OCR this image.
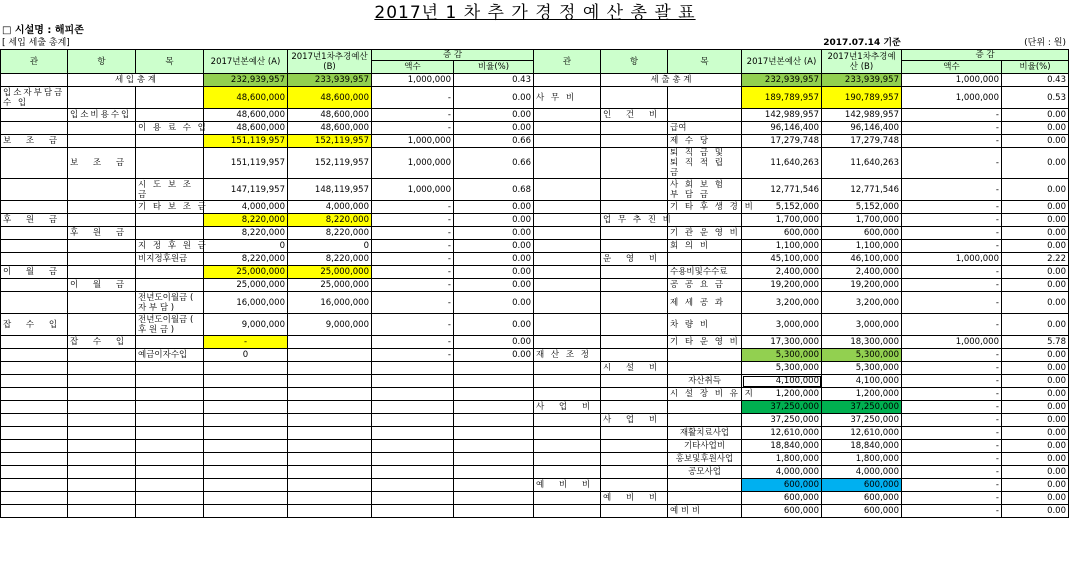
2017년 1 차 추 가 경 정 예 산 총 괄 표
□ 시설명 : 해피존
[ 세입 세출 총계]	2017.07.14 기준	(단위 : 원)
관	항	목	2017년본예산 (A)	2017년1차추경예산 (B)	증 감		관	항	목	2017년본예산 (A)	2017년1차추경예 산 (B)	증 감	
					액수	비율(%)						액수	비율(%)
	세 입 총 계		232,939,957	233,939,957	1,000,000	0.43		세 출 총 계		232,939,957	233,939,957	1,000,000	0.43
입소자부담금수 입			48,600,000	48,600,000	-	0.00	사 무 비			189,789,957	190,789,957	1,000,000	0.53
	입소비용수입		48,600,000	48,600,000	-	0.00		인 건 비		142,989,957	142,989,957	-	0.00
		이 용 료 수 입	48,600,000	48,600,000	-	0.00			급여	96,146,400	96,146,400	-	0.00
보 조 금			151,119,957	152,119,957	1,000,000	0.66			제 수 당	17,279,748	17,279,748	-	0.00
	보 조 금		151,119,957	152,119,957	1,000,000	0.66			퇴 직 금 및 퇴 직 적 립 금	11,640,263	11,640,263	-	0.00
		시 도 보 조 금	147,119,957	148,119,957	1,000,000	0.68			사 회 보 험 부 담 금	12,771,546	12,771,546	-	0.00
		기 타 보 조 금	4,000,000	4,000,000	-	0.00			기 타 후 생 경 비	5,152,000	5,152,000	-	0.00
후 원 금			8,220,000	8,220,000	-	0.00		업 무 추 진 비		1,700,000	1,700,000	-	0.00
	후 원 금		8,220,000	8,220,000	-	0.00			기 관 운 영 비	600,000	600,000	-	0.00
		지 정 후 원 금	0	0	-	0.00			회 의 비	1,100,000	1,100,000	-	0.00
		비지정후원금	8,220,000	8,220,000	-	0.00		운 영 비		45,100,000	46,100,000	1,000,000	2.22
이 월 금			25,000,000	25,000,000	-	0.00			수용비및수수료	2,400,000	2,400,000	-	0.00
	이 월 금		25,000,000	25,000,000	-	0.00			공 공 요 금	19,200,000	19,200,000	-	0.00
		전년도이월금 ( 자 부 담 )	16,000,000	16,000,000	-	0.00			제 세 공 과	3,200,000	3,200,000	-	0.00
잡 수 입		전년도이월금 ( 후 원 금 )	9,000,000	9,000,000	-	0.00			차 량 비	3,000,000	3,000,000	-	0.00
	잡 수 입		-		-	0.00			기 타 운 영 비	17,300,000	18,300,000	1,000,000	5.78
		예금이자수입	0		-	0.00	재 산 조 정			5,300,000	5,300,000	-	0.00
								시 설 비		5,300,000	5,300,000	-	0.00
									자산취득	4,100,000	4,100,000	-	0.00
									시 설 장 비 유 지	1,200,000	1,200,000	-	0.00
							사 업 비			37,250,000	37,250,000	-	0.00
								사 업 비		37,250,000	37,250,000	-	0.00
									재활치료사업	12,610,000	12,610,000	-	0.00
									기타사업비	18,840,000	18,840,000	-	0.00
									홍보및후원사업	1,800,000	1,800,000	-	0.00
									공모사업	4,000,000	4,000,000	-	0.00
							예 비 비			600,000	600,000	-	0.00
								예 비 비		600,000	600,000	-	0.00
									예 비 비	600,000	600,000	-	0.00
